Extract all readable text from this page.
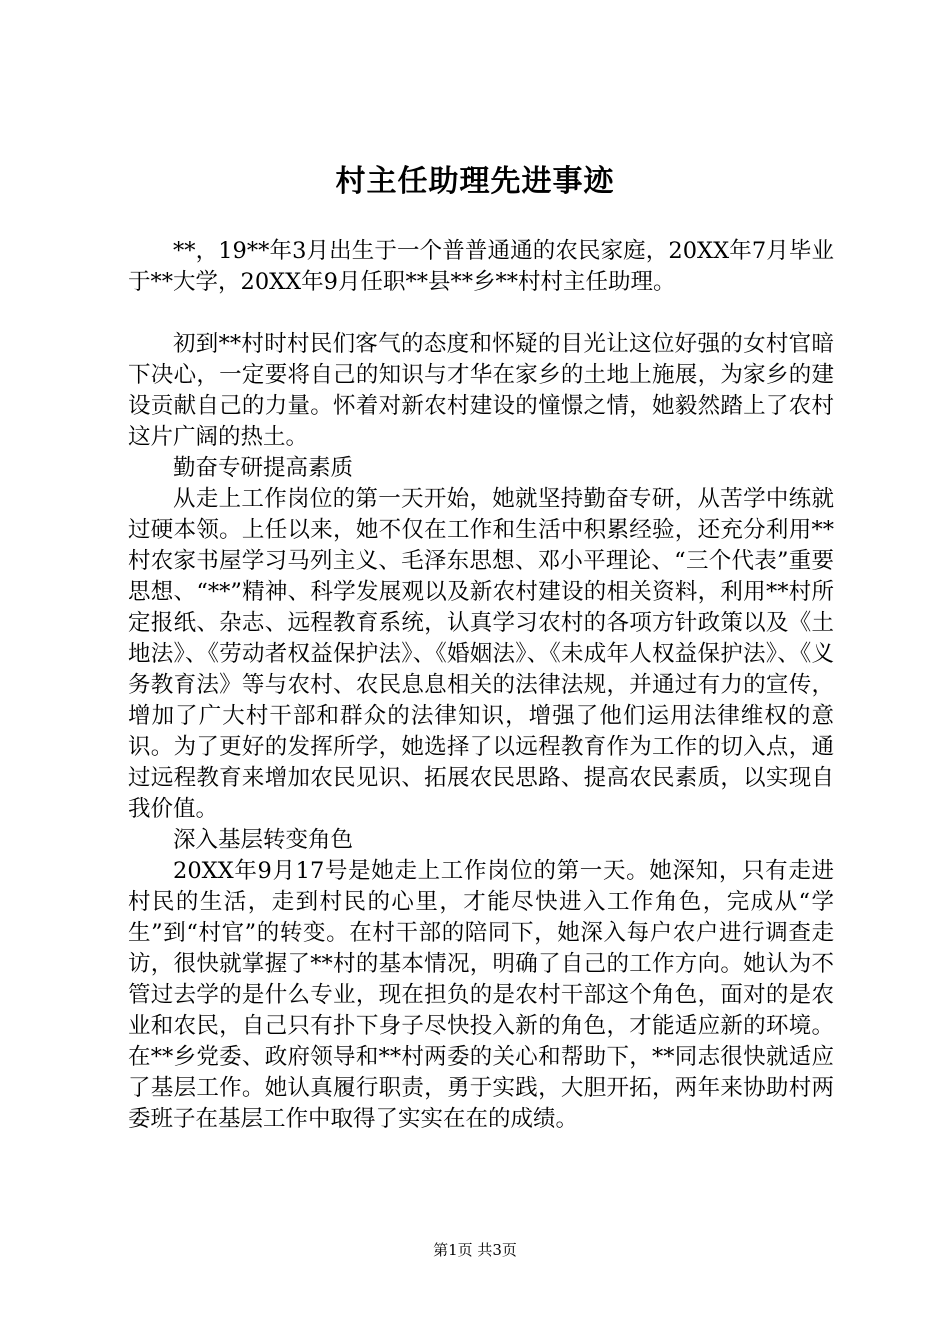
村主任助理先进事迹

**，19**年3月出生于一个普普通通的农民家庭，20XX年7月毕业于**大学，20XX年9月任职**县**乡**村村主任助理。

初到**村时村民们客气的态度和怀疑的目光让这位好强的女村官暗下决心，一定要将自己的知识与才华在家乡的土地上施展，为家乡的建设贡献自己的力量。怀着对新农村建设的憧憬之情，她毅然踏上了农村这片广阔的热土。

勤奋专研提高素质

从走上工作岗位的第一天开始，她就坚持勤奋专研，从苦学中练就过硬本领。上任以来，她不仅在工作和生活中积累经验，还充分利用**村农家书屋学习马列主义、毛泽东思想、邓小平理论、“三个代表”重要思想、“**”精神、科学发展观以及新农村建设的相关资料，利用**村所定报纸、杂志、远程教育系统，认真学习农村的各项方针政策以及《土地法》、《劳动者权益保护法》、《婚姻法》、《未成年人权益保护法》、《义务教育法》等与农村、农民息息相关的法律法规，并通过有力的宣传，增加了广大村干部和群众的法律知识，增强了他们运用法律维权的意识。为了更好的发挥所学，她选择了以远程教育作为工作的切入点，通过远程教育来增加农民见识、拓展农民思路、提高农民素质，以实现自我价值。

深入基层转变角色

20XX年9月17号是她走上工作岗位的第一天。她深知，只有走进村民的生活，走到村民的心里，才能尽快进入工作角色，完成从“学生”到“村官”的转变。在村干部的陪同下，她深入每户农户进行调查走访，很快就掌握了**村的基本情况，明确了自己的工作方向。她认为不管过去学的是什么专业，现在担负的是农村干部这个角色，面对的是农业和农民，自己只有扑下身子尽快投入新的角色，才能适应新的环境。在**乡党委、政府领导和**村两委的关心和帮助下，**同志很快就适应了基层工作。她认真履行职责，勇于实践，大胆开拓，两年来协助村两委班子在基层工作中取得了实实在在的成绩。

第1页 共3页
